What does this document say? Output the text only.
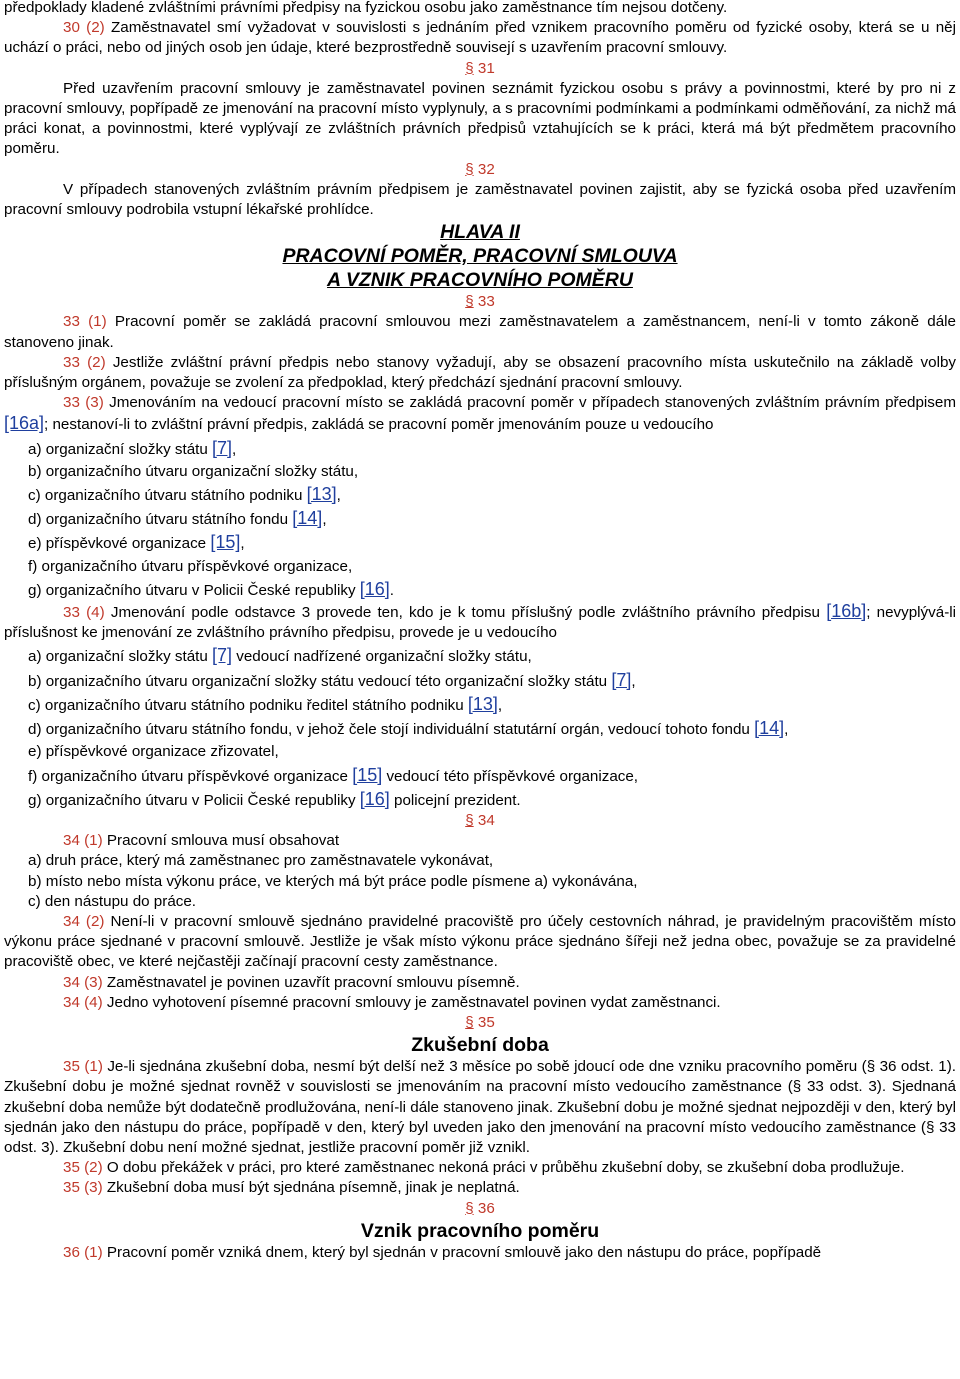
předpoklady kladené zvláštními právními předpisy na fyzickou osobu jako zaměstnance tím nejsou dotčeny.

30 (2) Zaměstnavatel smí vyžadovat v souvislosti s jednáním před vznikem pracovního poměru od fyzické osoby, která se u něj uchází o práci, nebo od jiných osob jen údaje, které bezprostředně souvisejí s uzavřením pracovní smlouvy.

§ 31

Před uzavřením pracovní smlouvy je zaměstnavatel povinen seznámit fyzickou osobu s právy a povinnostmi, které by pro ni z pracovní smlouvy, popřípadě ze jmenování na pracovní místo vyplynuly, a s pracovními podmínkami a podmínkami odměňování, za nichž má práci konat, a povinnostmi, které vyplývají ze zvláštních právních předpisů vztahujících se k práci, která má být předmětem pracovního poměru.

§ 32

V případech stanovených zvláštním právním předpisem je zaměstnavatel povinen zajistit, aby se fyzická osoba před uzavřením pracovní smlouvy podrobila vstupní lékařské prohlídce.

HLAVA II
PRACOVNÍ POMĚR, PRACOVNÍ SMLOUVA
A VZNIK PRACOVNÍHO POMĚRU
§ 33

33 (1) Pracovní poměr se zakládá pracovní smlouvou mezi zaměstnavatelem a zaměstnancem, není-li v tomto zákoně dále stanoveno jinak.

33 (2) Jestliže zvláštní právní předpis nebo stanovy vyžadují, aby se obsazení pracovního místa uskutečnilo na základě volby příslušným orgánem, považuje se zvolení za předpoklad, který předchází sjednání pracovní smlouvy.

33 (3) Jmenováním na vedoucí pracovní místo se zakládá pracovní poměr v případech stanovených zvláštním právním předpisem [16a]; nestanoví-li to zvláštní právní předpis, zakládá se pracovní poměr jmenováním pouze u vedoucího

a) organizační složky státu [7],
b) organizačního útvaru organizační složky státu,
c) organizačního útvaru státního podniku [13],
d) organizačního útvaru státního fondu [14],
e) příspěvkové organizace [15],
f) organizačního útvaru příspěvkové organizace,
g) organizačního útvaru v Policii České republiky [16].

33 (4) Jmenování podle odstavce 3 provede ten, kdo je k tomu příslušný podle zvláštního právního předpisu [16b]; nevyplývá-li příslušnost ke jmenování ze zvláštního právního předpisu, provede je u vedoucího

a) organizační složky státu [7] vedoucí nadřízené organizační složky státu,
b) organizačního útvaru organizační složky státu vedoucí této organizační složky státu [7],
c) organizačního útvaru státního podniku ředitel státního podniku [13],
d) organizačního útvaru státního fondu, v jehož čele stojí individuální statutární orgán, vedoucí tohoto fondu [14],
e) příspěvkové organizace zřizovatel,
f) organizačního útvaru příspěvkové organizace [15] vedoucí této příspěvkové organizace,
g) organizačního útvaru v Policii České republiky [16] policejní prezident.
§ 34

34 (1) Pracovní smlouva musí obsahovat

a) druh práce, který má zaměstnanec pro zaměstnavatele vykonávat,
b) místo nebo místa výkonu práce, ve kterých má být práce podle písmene a) vykonávána,
c) den nástupu do práce.

34 (2) Není-li v pracovní smlouvě sjednáno pravidelné pracoviště pro účely cestovních náhrad, je pravidelným pracovištěm místo výkonu práce sjednané v pracovní smlouvě. Jestliže je však místo výkonu práce sjednáno šířeji než jedna obec, považuje se za pravidelné pracoviště obec, ve které nejčastěji začínají pracovní cesty zaměstnance.

34 (3) Zaměstnavatel je povinen uzavřít pracovní smlouvu písemně.

34 (4) Jedno vyhotovení písemné pracovní smlouvy je zaměstnavatel povinen vydat zaměstnanci.

§ 35
Zkušební doba

35 (1) Je-li sjednána zkušební doba, nesmí být delší než 3 měsíce po sobě jdoucí ode dne vzniku pracovního poměru (§ 36 odst. 1). Zkušební dobu je možné sjednat rovněž v souvislosti se jmenováním na pracovní místo vedoucího zaměstnance (§ 33 odst. 3). Sjednaná zkušební doba nemůže být dodatečně prodlužována, není-li dále stanoveno jinak. Zkušební dobu je možné sjednat nejpozději v den, který byl sjednán jako den nástupu do práce, popřípadě v den, který byl uveden jako den jmenování na pracovní místo vedoucího zaměstnance (§ 33 odst. 3). Zkušební dobu není možné sjednat, jestliže pracovní poměr již vznikl.

35 (2) O dobu překážek v práci, pro které zaměstnanec nekoná práci v průběhu zkušební doby, se zkušební doba prodlužuje.

35 (3) Zkušební doba musí být sjednána písemně, jinak je neplatná.

§ 36
Vznik pracovního poměru

36 (1) Pracovní poměr vzniká dnem, který byl sjednán v pracovní smlouvě jako den nástupu do práce, popřípadě
